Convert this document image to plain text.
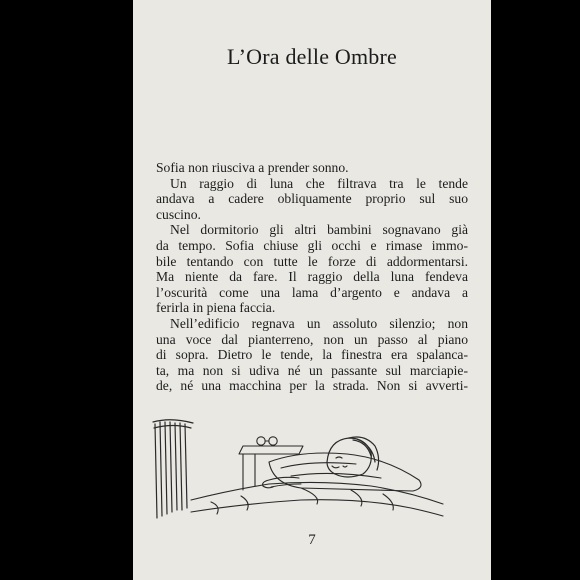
L’Ora delle Ombre
Sofia non riusciva a prender sonno.
Un raggio di luna che filtrava tra le tende
andava a cadere obliquamente proprio sul suo
cuscino.
Nel dormitorio gli altri bambini sognavano già
da tempo. Sofia chiuse gli occhi e rimase immo-
bile tentando con tutte le forze di addormentarsi.
Ma niente da fare. Il raggio della luna fendeva
l’oscurità come una lama d’argento e andava a
ferirla in piena faccia.
Nell’edificio regnava un assoluto silenzio; non
una voce dal pianterreno, non un passo al piano
di sopra. Dietro le tende, la finestra era spalanca-
ta, ma non si udiva né un passante sul marciapie-
de, né una macchina per la strada. Non si avverti-
7
